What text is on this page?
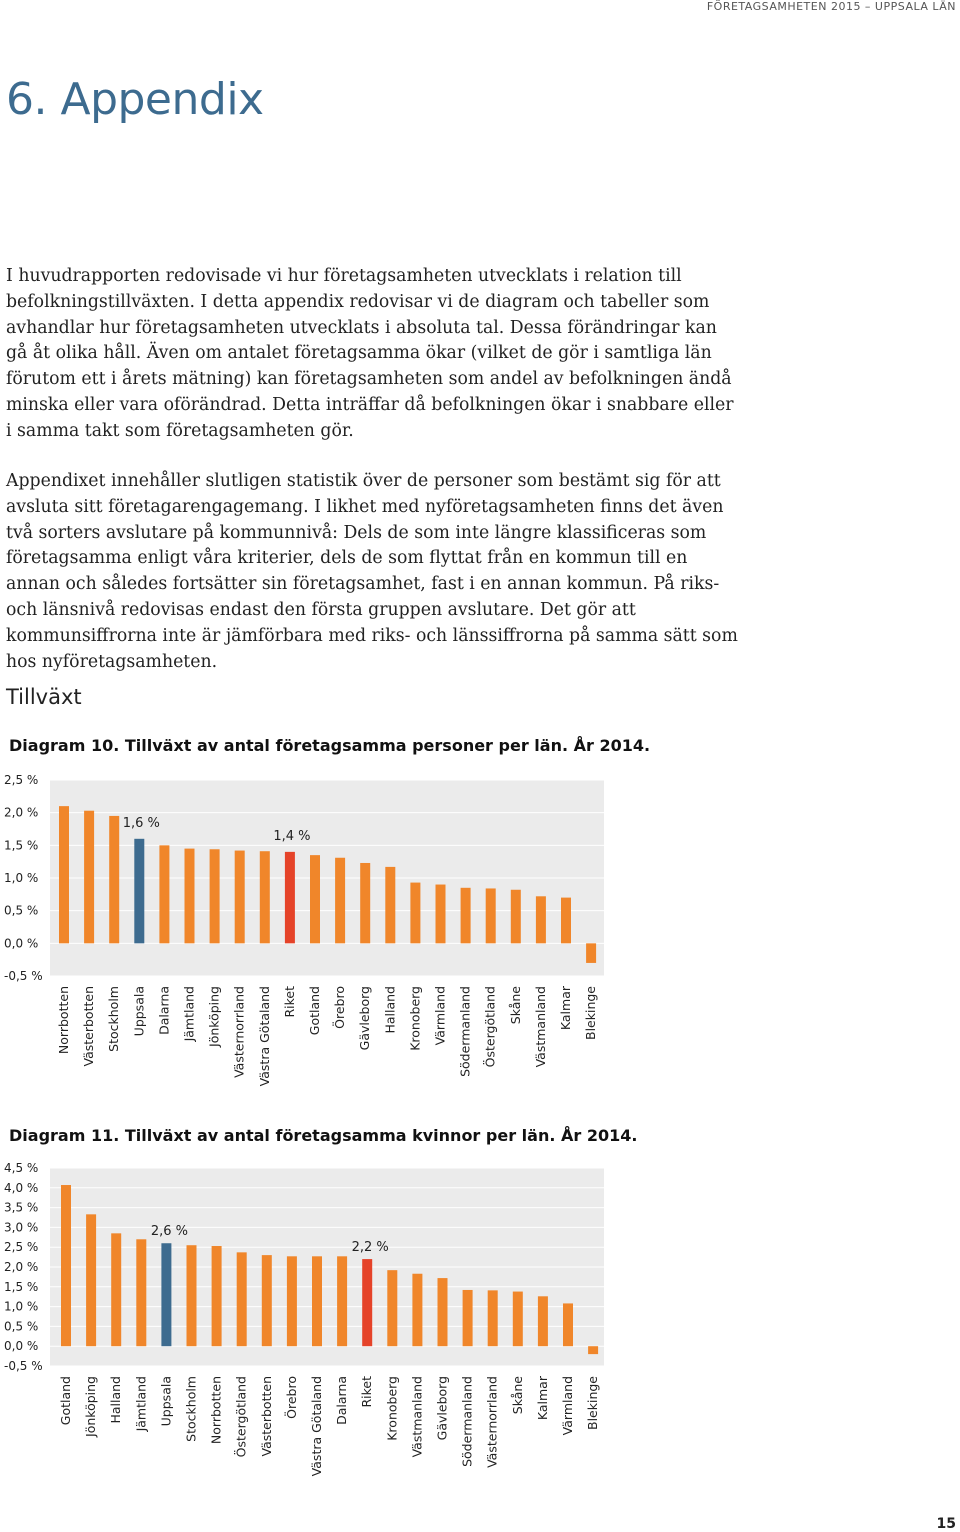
FÖRETAGSAMHETEN 2015 – UPPSALA LÄN
6. Appendix

I huvudrapporten redovisade vi hur företagsamheten utvecklats i relation till befolkningstillväxten. I detta appendix redovisar vi de diagram och tabeller som avhandlar hur företagsamheten utvecklats i absoluta tal. Dessa förändringar kan gå åt olika håll. Även om antalet företagsamma ökar (vilket de gör i samtliga län förutom ett i årets mätning) kan företagsamheten som andel av befolkningen ändå minska eller vara oförändrad. Detta inträffar då befolkningen ökar i snabbare eller i samma takt som företagsamheten gör.

Appendixet innehåller slutligen statistik över de personer som bestämt sig för att avsluta sitt företagarengagemang. I likhet med nyföretagsamheten finns det även två sorters avslutare på kommunnivå: Dels de som inte längre klassificeras som företagsamma enligt våra kriterier, dels de som flyttat från en kommun till en annan och således fortsätter sin företagsamhet, fast i en annan kommun. På riks- och länsnivå redovisas endast den första gruppen avslutare. Det gör att kommunsiffrorna inte är jämförbara med riks- och länssiffrorna på samma sätt som hos nyföretagsamheten.

Tillväxt
Diagram 10. Tillväxt av antal företagsamma personer per län. År 2014.
2,5 %
2,0 %
1,5 %
1,0 %
0,5 %
0,0 %
-0,5 %
Norrbotten Västerbotten Stockholm Uppsala Dalarna Jämtland Jönköping Västernorrland Västra Götaland Riket Gotland Örebro Gävleborg Halland Kronoberg Värmland Södermanland Östergötland Skåne Västmanland Kalmar Blekinge
1,6 %
1,4 %
Diagram 11. Tillväxt av antal företagsamma kvinnor per län. År 2014.
4,5 %
4,0 %
3,5 %
3,0 %
2,5 %
2,0 %
1,5 %
1,0 %
0,5 %
0,0 %
-0,5 %
Gotland Jönköping Halland Jämtland Uppsala Stockholm Norrbotten Östergötland Västerbotten Örebro Västra Götaland Dalarna Riket Kronoberg Västmanland Gävleborg Södermanland Västernorrland Skåne Kalmar Värmland Blekinge
2,6 %
2,2 %
15
